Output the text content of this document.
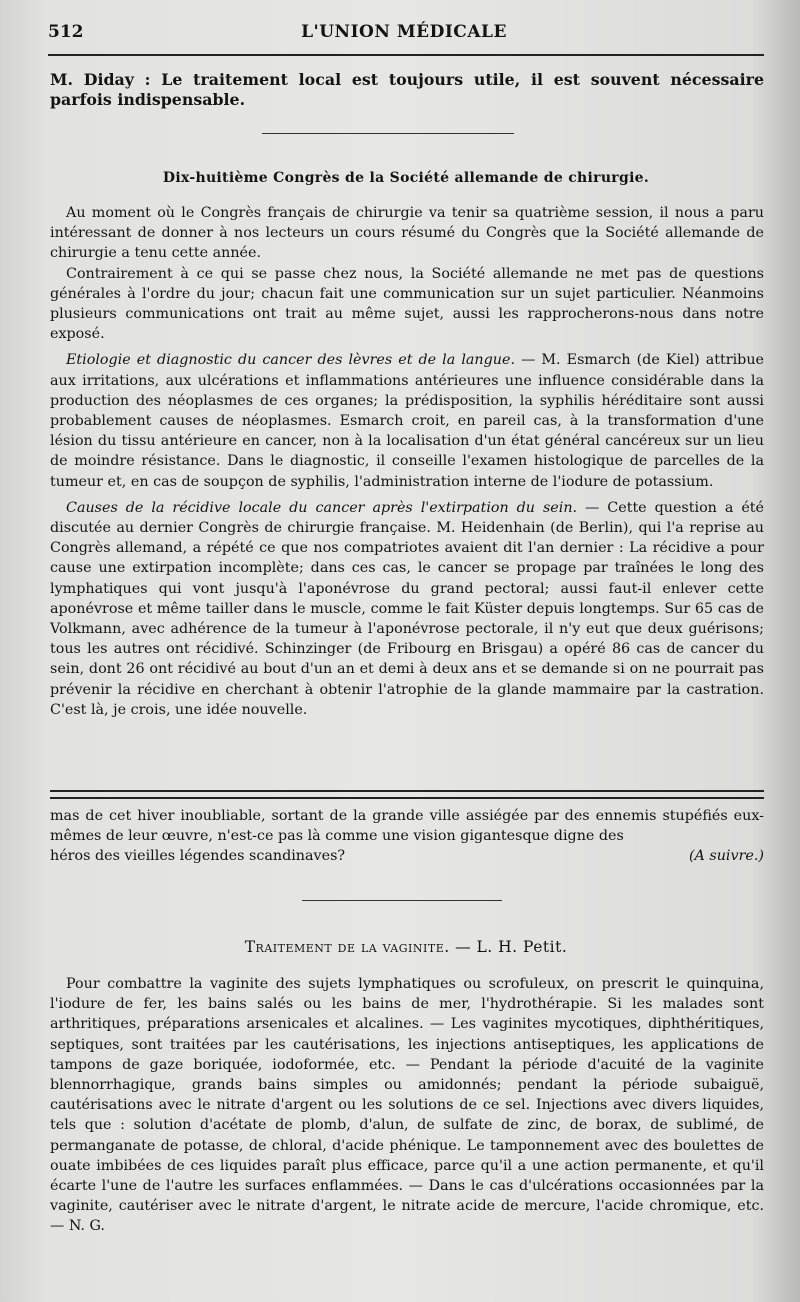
512	L'UNION MÉDICALE

M. Diday : Le traitement local est toujours utile, il est souvent nécessaire parfois indispensable.

Dix-huitième Congrès de la Société allemande de chirurgie.

Au moment où le Congrès français de chirurgie va tenir sa quatrième session, il nous a paru intéressant de donner à nos lecteurs un cours résumé du Congrès que la Société allemande de chirurgie a tenu cette année.

Contrairement à ce qui se passe chez nous, la Société allemande ne met pas de questions générales à l'ordre du jour; chacun fait une communication sur un sujet particulier. Néanmoins plusieurs communications ont trait au même sujet, aussi les rapprocherons-nous dans notre exposé.

Etiologie et diagnostic du cancer des lèvres et de la langue. — M. Esmarch (de Kiel) attribue aux irritations, aux ulcérations et inflammations antérieures une influence considérable dans la production des néoplasmes de ces organes; la prédisposition, la syphilis héréditaire sont aussi probablement causes de néoplasmes. Esmarch croit, en pareil cas, à la transformation d'une lésion du tissu antérieure en cancer, non à la localisation d'un état général cancéreux sur un lieu de moindre résistance. Dans le diagnostic, il conseille l'examen histologique de parcelles de la tumeur et, en cas de soupçon de syphilis, l'administration interne de l'iodure de potassium.

Causes de la récidive locale du cancer après l'extirpation du sein. — Cette question a été discutée au dernier Congrès de chirurgie française. M. Heidenhain (de Berlin), qui l'a reprise au Congrès allemand, a répété ce que nos compatriotes avaient dit l'an dernier : La récidive a pour cause une extirpation incomplète; dans ces cas, le cancer se propage par traînées le long des lymphatiques qui vont jusqu'à l'aponévrose du grand pectoral; aussi faut-il enlever cette aponévrose et même tailler dans le muscle, comme le fait Küster depuis longtemps. Sur 65 cas de Volkmann, avec adhérence de la tumeur à l'aponévrose pectorale, il n'y eut que deux guérisons; tous les autres ont récidivé. Schinzinger (de Fribourg en Brisgau) a opéré 86 cas de cancer du sein, dont 26 ont récidivé au bout d'un an et demi à deux ans et se demande si on ne pourrait pas prévenir la récidive en cherchant à obtenir l'atrophie de la glande mammaire par la castration. C'est là, je crois, une idée nouvelle.

mas de cet hiver inoubliable, sortant de la grande ville assiégée par des ennemis stupéfiés eux-mêmes de leur œuvre, n'est-ce pas là comme une vision gigantesque digne des

héros des vieilles légendes scandinaves?	(A suivre.)
Traitement de la vaginite. — L. H. Petit.

Pour combattre la vaginite des sujets lymphatiques ou scrofuleux, on prescrit le quinquina, l'iodure de fer, les bains salés ou les bains de mer, l'hydrothérapie. Si les malades sont arthritiques, préparations arsenicales et alcalines. — Les vaginites mycotiques, diphthéritiques, septiques, sont traitées par les cautérisations, les injections antiseptiques, les applications de tampons de gaze boriquée, iodoformée, etc. — Pendant la période d'acuité de la vaginite blennorrhagique, grands bains simples ou amidonnés; pendant la période subaiguë, cautérisations avec le nitrate d'argent ou les solutions de ce sel. Injections avec divers liquides, tels que : solution d'acétate de plomb, d'alun, de sulfate de zinc, de borax, de sublimé, de permanganate de potasse, de chloral, d'acide phénique. Le tamponnement avec des boulettes de ouate imbibées de ces liquides paraît plus efficace, parce qu'il a une action permanente, et qu'il écarte l'une de l'autre les surfaces enflammées. — Dans le cas d'ulcérations occasionnées par la vaginite, cautériser avec le nitrate d'argent, le nitrate acide de mercure, l'acide chromique, etc. — N. G.
